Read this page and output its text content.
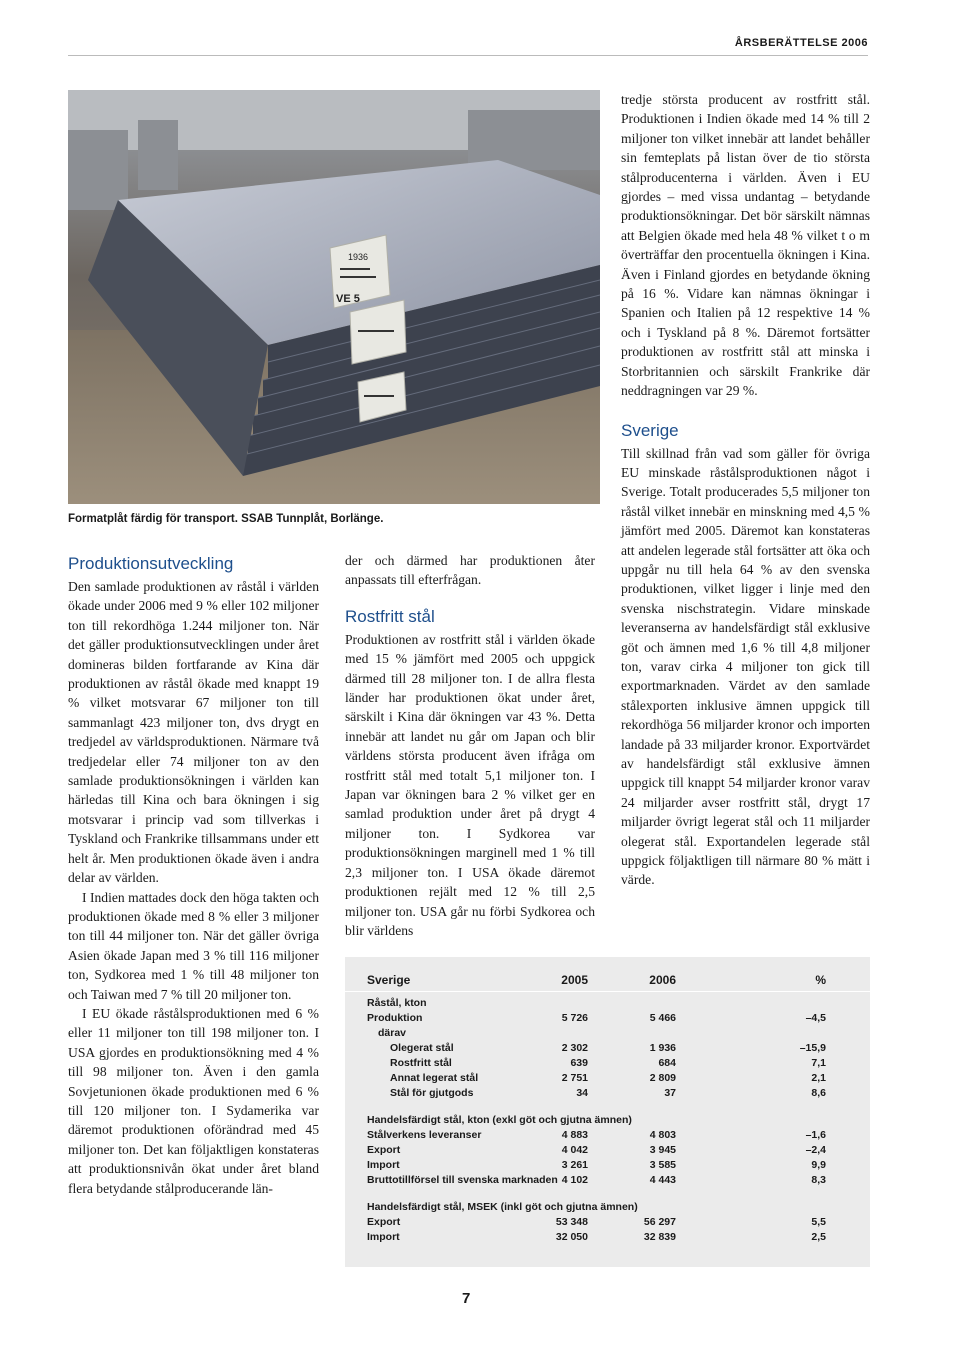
ÅRSBERÄTTELSE 2006
1936
VE 5
Formatplåt färdig för transport. SSAB Tunnplåt, Borlänge.
Produktionsutveckling

Den samlade produktionen av råstål i världen ökade under 2006 med 9 % eller 102 miljoner ton till rekordhöga 1.244 miljoner ton. När det gäller produktionsutvecklingen under året domineras bilden fortfarande av Kina där produktionen av råstål ökade med knappt 19 % vilket motsvarar 67 miljoner ton till sammanlagt 423 miljoner ton, dvs drygt en tredjedel av världsproduktionen. Närmare två tredjedelar eller 74 miljoner ton av den samlade produktionsökningen i världen kan härledas till Kina och bara ökningen i sig motsvarar i princip vad som tillverkas i Tyskland och Frankrike tillsammans under ett helt år. Men produktionen ökade även i andra delar av världen.

I Indien mattades dock den höga takten och produktionen ökade med 8 % eller 3 miljoner ton till 44 miljoner ton. När det gäller övriga Asien ökade Japan med 3 % till 116 miljoner ton, Sydkorea med 1 % till 48 miljoner ton och Taiwan med 7 % till 20 miljoner ton.

I EU ökade råstålsproduktionen med 6 % eller 11 miljoner ton till 198 miljoner ton. I USA gjordes en produktionsökning med 4 % till 98 miljoner ton. Även i den gamla Sovjetunionen ökade produktionen med 6 % till 120 miljoner ton. I Sydamerika var däremot produktionen oförändrad med 45 miljoner ton. Det kan följaktligen konstateras att produktionsnivån ökat under året bland flera betydande stålproducerande län-

der och därmed har produktionen åter anpassats till efterfrågan.

Rostfritt stål

Produktionen av rostfritt stål i världen ökade med 15 % jämfört med 2005 och uppgick därmed till 28 miljoner ton. I de allra flesta länder har produktionen ökat under året, särskilt i Kina där ökningen var 43 %. Detta innebär att landet nu går om Japan och blir världens största producent även ifråga om rostfritt stål med totalt 5,1 miljoner ton. I Japan var ökningen bara 2 % vilket ger en samlad produktion under året på drygt 4 miljoner ton. I Sydkorea var produktionsökningen marginell med 1 % till 2,3 miljoner ton. I USA ökade däremot produktionen rejält med 12 % till 2,5 miljoner ton. USA går nu förbi Sydkorea och blir världens

tredje största producent av rostfritt stål. Produktionen i Indien ökade med 14 % till 2 miljoner ton vilket innebär att landet behåller sin femteplats på listan över de tio största stålproducenterna i världen. Även i EU gjordes – med vissa undantag – betydande produktionsökningar. Det bör särskilt nämnas att Belgien ökade med hela 48 % vilket t o m överträffar den procentuella ökningen i Kina. Även i Finland gjordes en betydande ökning på 16 %. Vidare kan nämnas ökningar i Spanien och Italien på 12 respektive 14 % och i Tyskland på 8 %. Däremot fortsätter produktionen av rostfritt stål att minska i Storbritannien och särskilt Frankrike där neddragningen var 29 %.

Sverige

Till skillnad från vad som gäller för övriga EU minskade råstålsproduktionen något i Sverige. Totalt producerades 5,5 miljoner ton råstål vilket innebär en minskning med 4,5 % jämfört med 2005. Däremot kan konstateras att andelen legerade stål fortsätter att öka och uppgår nu till hela 64 % av den svenska produktionen, vilket ligger i linje med den svenska nischstrategin. Vidare minskade leveranserna av handelsfärdigt stål exklusive göt och ämnen med 1,6 % till 4,8 miljoner ton, varav cirka 4 miljoner ton gick till exportmarknaden. Värdet av den samlade stålexporten inklusive ämnen uppgick till rekordhöga 56 miljarder kronor och importen landade på 33 miljarder kronor. Exportvärdet av handelsfärdigt stål exklusive ämnen uppgick till knappt 54 miljarder kronor varav 24 miljarder avser rostfritt stål, drygt 17 miljarder övrigt legerat stål och 11 miljarder olegerat stål. Exportandelen legerade stål uppgick följaktligen till närmare 80 % mätt i värde.

Sverige	2005	2006	%
Råstål, kton
Produktion	5 726	5 466	–4,5
därav
Olegerat stål	2 302	1 936	–15,9
Rostfritt stål	639	684	7,1
Annat legerat stål	2 751	2 809	2,1
Stål för gjutgods	34	37	8,6
Handelsfärdigt stål, kton (exkl göt och gjutna ämnen)
Stålverkens leveranser	4 883	4 803	–1,6
Export	4 042	3 945	–2,4
Import	3 261	3 585	9,9
Bruttotillförsel till svenska marknaden 4 102	4 443	8,3
Handelsfärdigt stål, MSEK (inkl göt och gjutna ämnen)
Export	53 348	56 297	5,5
Import	32 050	32 839	2,5
7
